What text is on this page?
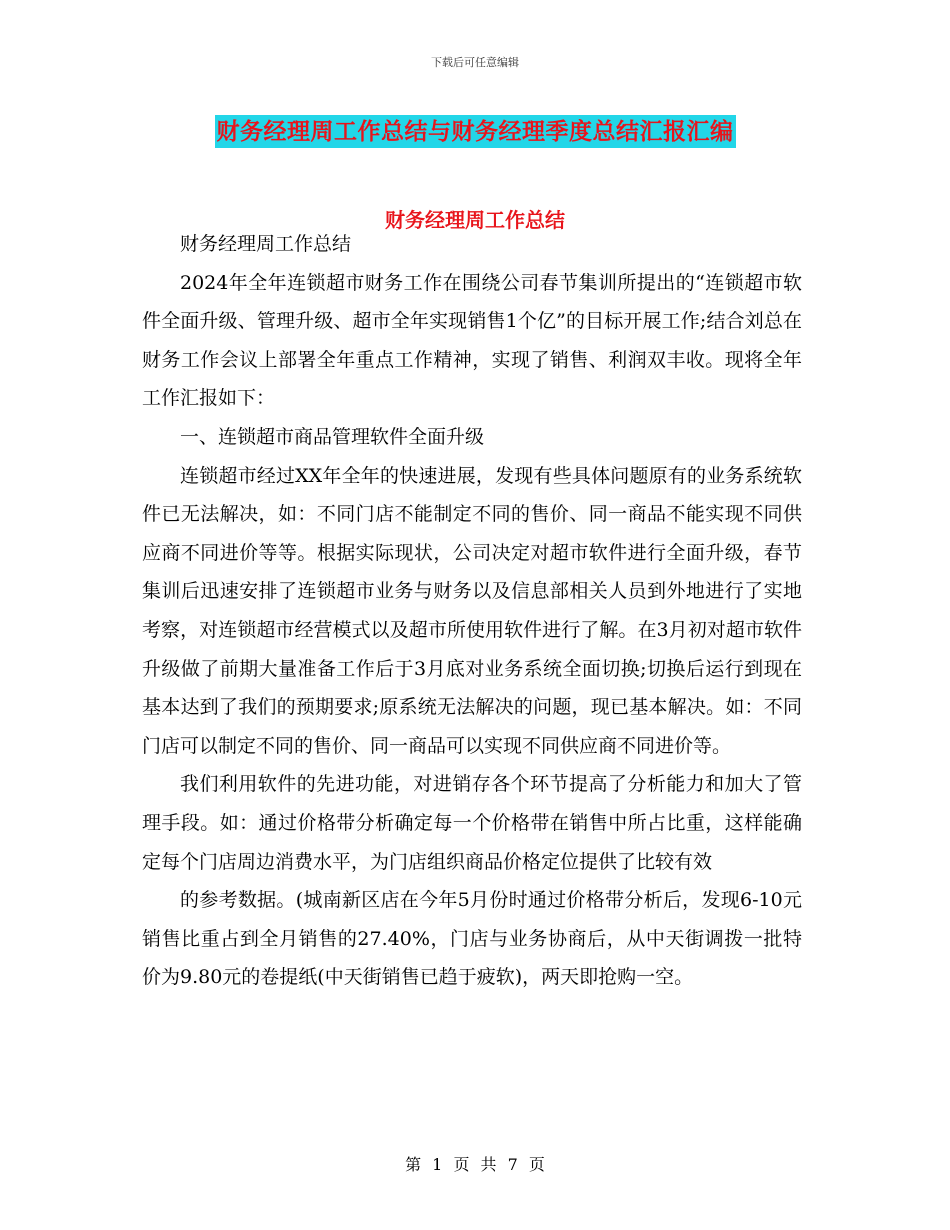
下载后可任意编辑
财务经理周工作总结与财务经理季度总结汇报汇编
财务经理周工作总结

财务经理周工作总结

2024年全年连锁超市财务工作在围绕公司春节集训所提出的“连锁超市软件全面升级、管理升级、超市全年实现销售1个亿”的目标开展工作;结合刘总在财务工作会议上部署全年重点工作精神，实现了销售、利润双丰收。现将全年工作汇报如下：

一、连锁超市商品管理软件全面升级

连锁超市经过XX年全年的快速进展，发现有些具体问题原有的业务系统软件已无法解决，如：不同门店不能制定不同的售价、同一商品不能实现不同供应商不同进价等等。根据实际现状，公司决定对超市软件进行全面升级，春节集训后迅速安排了连锁超市业务与财务以及信息部相关人员到外地进行了实地考察，对连锁超市经营模式以及超市所使用软件进行了解。在3月初对超市软件升级做了前期大量准备工作后于3月底对业务系统全面切换;切换后运行到现在基本达到了我们的预期要求;原系统无法解决的问题，现已基本解决。如：不同门店可以制定不同的售价、同一商品可以实现不同供应商不同进价等。

我们利用软件的先进功能，对进销存各个环节提高了分析能力和加大了管理手段。如：通过价格带分析确定每一个价格带在销售中所占比重，这样能确定每个门店周边消费水平，为门店组织商品价格定位提供了比较有效

的参考数据。(城南新区店在今年5月份时通过价格带分析后，发现6-10元销售比重占到全月销售的27.40%，门店与业务协商后，从中天街调拨一批特价为9.80元的卷提纸(中天街销售已趋于疲软)，两天即抢购一空。

第 1 页 共 7 页
